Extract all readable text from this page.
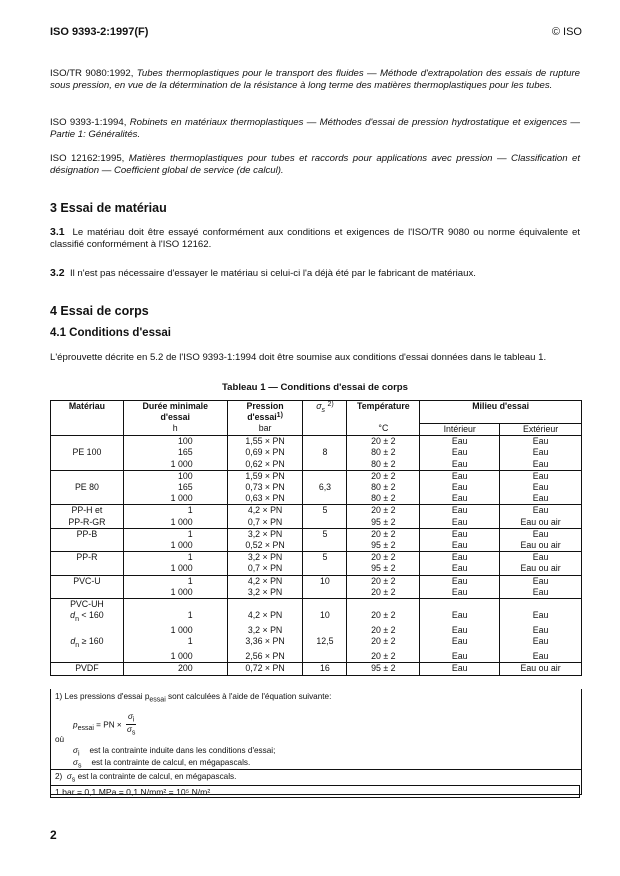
ISO 9393-2:1997(F)	© ISO
ISO/TR 9080:1992, Tubes thermoplastiques pour le transport des fluides — Méthode d'extrapolation des essais de rupture sous pression, en vue de la détermination de la résistance à long terme des matières thermoplastiques pour les tubes.
ISO 9393-1:1994, Robinets en matériaux thermoplastiques — Méthodes d'essai de pression hydrostatique et exigences — Partie 1: Généralités.
ISO 12162:1995, Matières thermoplastiques pour tubes et raccords pour applications avec pression — Classification et désignation — Coefficient global de service (de calcul).
3 Essai de matériau
3.1 Le matériau doit être essayé conformément aux conditions et exigences de l'ISO/TR 9080 ou norme équivalente et classifié conformément à l'ISO 12162.
3.2 Il n'est pas nécessaire d'essayer le matériau si celui-ci l'a déjà été par le fabricant de matériaux.
4 Essai de corps
4.1 Conditions d'essai
L'éprouvette décrite en 5.2 de l'ISO 9393-1:1994 doit être soumise aux conditions d'essai données dans le tableau 1.
Tableau 1 — Conditions d'essai de corps
Matériau	Durée minimale d'essai	Pression d'essai$^{1)}$	$\sigma_s$ $^{2)}$	Température	Milieu d'essai	
	h	bar		°C	Intérieur	Extérieur
	100	1,55 × PN		20 ± 2	Eau	Eau
PE 100	165	0,69 × PN	8	80 ± 2	Eau	Eau
	1 000	0,62 × PN		80 ± 2	Eau	Eau
	100	1,59 × PN		20 ± 2	Eau	Eau
PE 80	165	0,73 × PN	6,3	80 ± 2	Eau	Eau
	1 000	0,63 × PN		80 ± 2	Eau	Eau
PP-H et	1	4,2 × PN	5	20 ± 2	Eau	Eau
PP-R-GR	1 000	0,7 × PN		95 ± 2	Eau	Eau ou air
PP-B	1	3,2 × PN	5	20 ± 2	Eau	Eau
	1 000	0,52 × PN		95 ± 2	Eau	Eau ou air
PP-R	1	3,2 × PN	5	20 ± 2	Eau	Eau
	1 000	0,7 × PN		95 ± 2	Eau	Eau ou air
PVC-U	1	4,2 × PN	10	20 ± 2	Eau	Eau
	1 000	3,2 × PN		20 ± 2	Eau	Eau
PVC-UH						
$d_n < 160$	1	4,2 × PN	10	20 ± 2	Eau	Eau
	1 000	3,2 × PN		20 ± 2	Eau	Eau
$d_n \ge 160$	1	3,36 × PN	12,5	20 ± 2	Eau	Eau
	1 000	2,56 × PN		20 ± 2	Eau	Eau
PVDF	200	0,72 × PN	16	95 ± 2	Eau	Eau ou air
1) Les pressions d'essai $p_{essai}$ sont calculées à l'aide de l'équation suivante:
$p_{essai}$ = PN × $\frac{\sigma_i}{\sigma_s}$
où
$\sigma_i$ est la contrainte induite dans les conditions d'essai;
$\sigma_s$ est la contrainte de calcul, en mégapascals.
2) $\sigma_s$ est la contrainte de calcul, en mégapascals.
1 bar = 0,1 MPa = 0,1 N/mm² = 10⁵ N/m²
2
